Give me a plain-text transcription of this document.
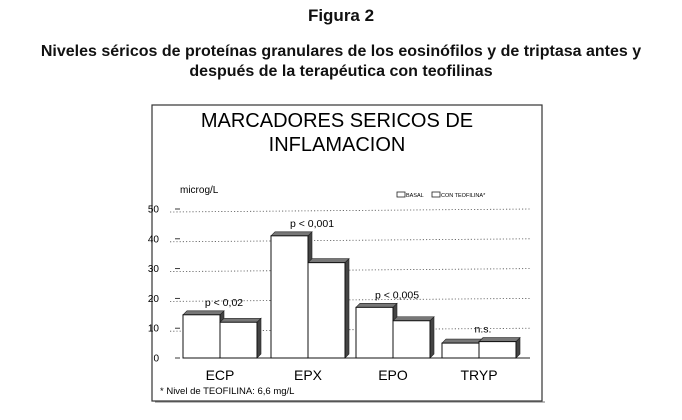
Figura 2
Niveles séricos de proteínas granulares de los eosinófilos y de triptasa antes y
después de la terapéutica con teofilinas
MARCADORES SERICOS DE
INFLAMACION
microg/L	BASAL	CON TEOFILINA*
0
10
20
30
40
50
ECP
p < 0,02
EPX
p < 0,001
EPO
p < 0,005
TRYP
n.s.
* Nivel de TEOFILINA: 6,6 mg/L
